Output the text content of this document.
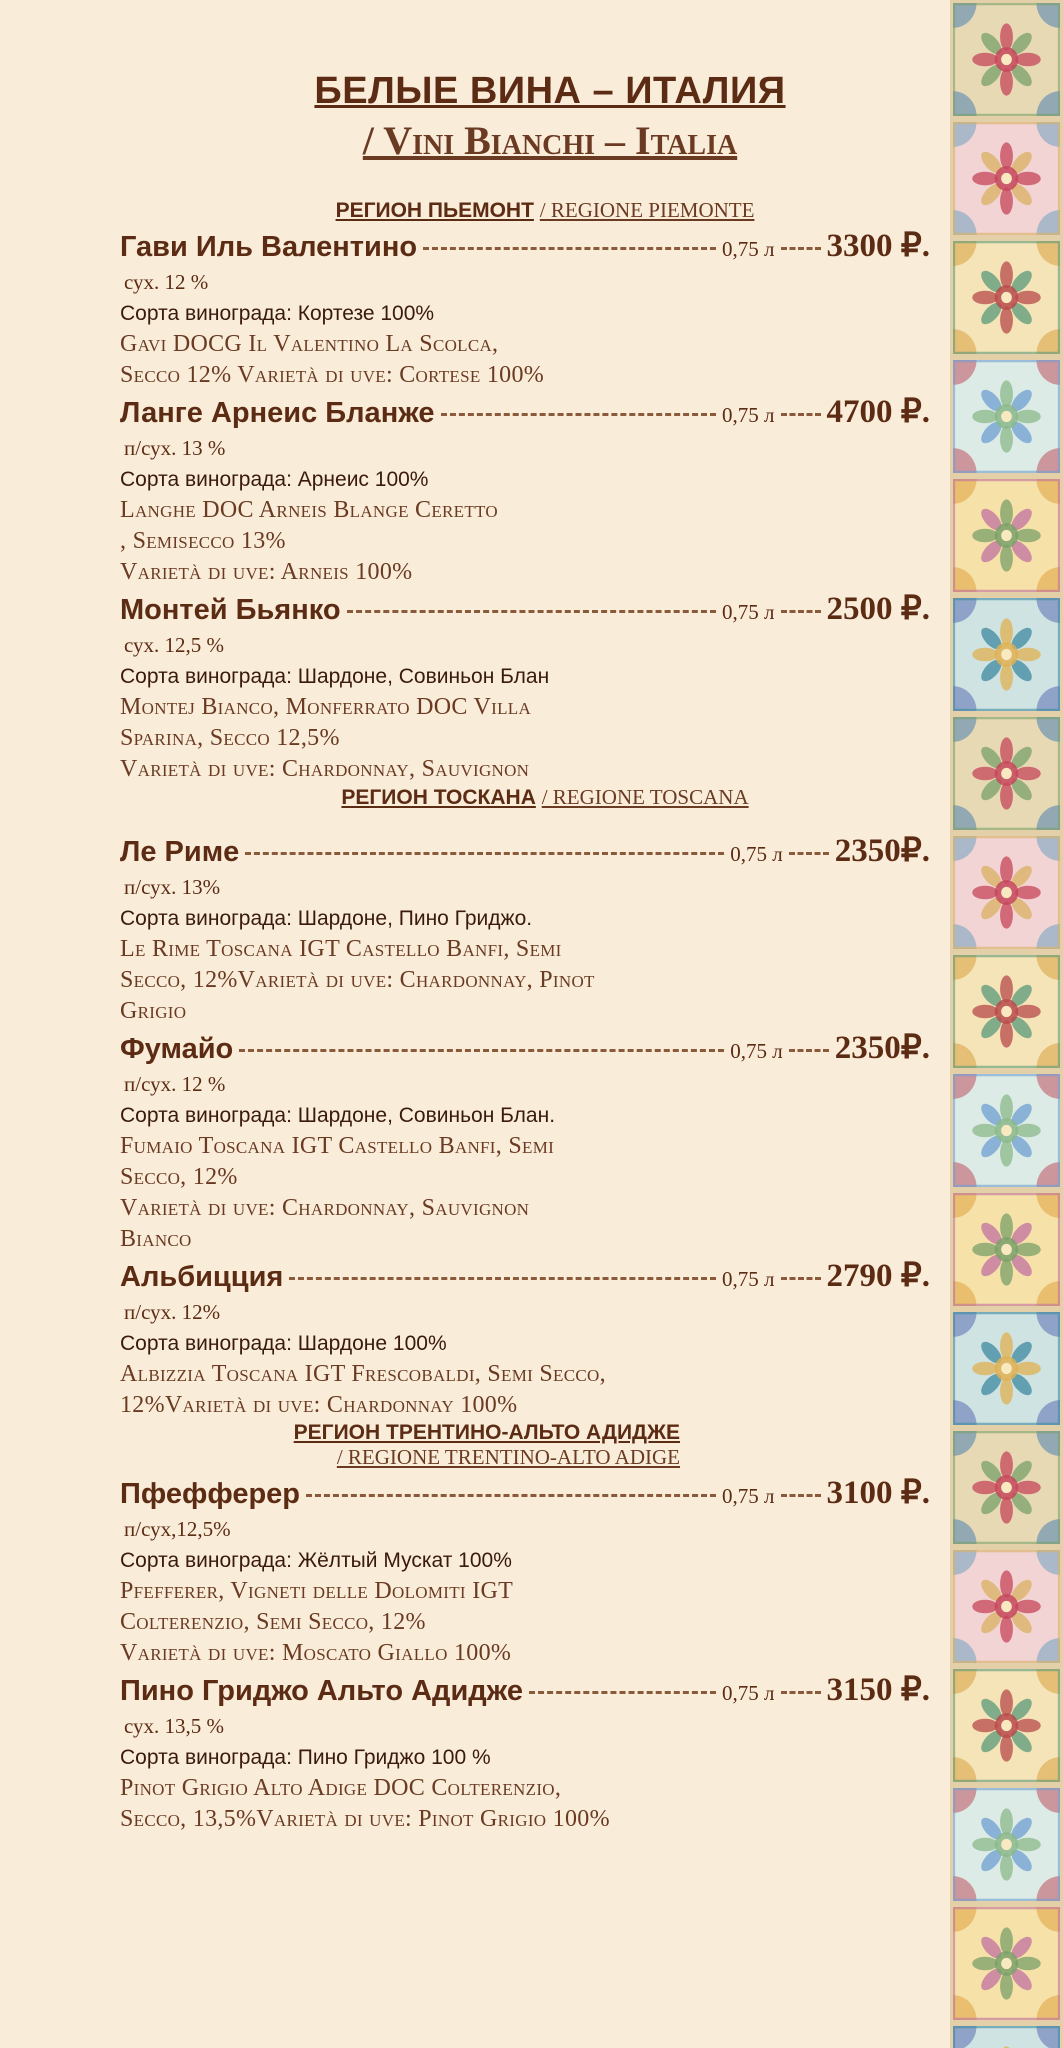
БЕЛЫЕ ВИНА – ИТАЛИЯ
/ Vini Bianchi – Italia

РЕГИОН ПЬЕМОНТ / REGIONE PIEMONTE

Гави Иль Валентино	0,75 л 3300 ₽.

сух. 12 %

Сорта винограда: Кортезе 100%

Gavi DOCG Il Valentino La Scolca,

Secco 12% Varietà di uve: Cortese 100%

Ланге Арнеис Бланже	0,75 л 4700 ₽.

п/сух. 13 %

Сорта винограда: Арнеис 100%

Langhe DOC Arneis Blange Ceretto

, Semisecco 13%

Varietà di uve: Arneis 100%

Монтей Бьянко	0,75 л 2500 ₽.

сух. 12,5 %

Сорта винограда: Шардоне, Совиньон Блан

Montej Bianco, Monferrato DOC Villa

Sparina, Secco 12,5%

Varietà di uve: Chardonnay, Sauvignon

РЕГИОН ТОСКАНА / REGIONE TOSCANA

Ле Риме	0,75 л 2350₽.

п/сух. 13%

Сорта винограда: Шардоне, Пино Гриджо.

Le Rime Toscana IGT Castello Banfi, Semi

Secco, 12%Varietà di uve: Chardonnay, Pinot

Grigio

Фумайо	0,75 л 2350₽.

п/сух. 12 %

Сорта винограда: Шардоне, Совиньон Блан.

Fumaio Toscana IGT Castello Banfi, Semi

Secco, 12%

Varietà di uve: Chardonnay, Sauvignon

Bianco

Альбицция	0,75 л 2790 ₽.

п/сух. 12%

Сорта винограда: Шардоне 100%

Albizzia Toscana IGT Frescobaldi, Semi Secco,

12%Varietà di uve: Chardonnay 100%

РЕГИОН ТРЕНТИНО-АЛЬТО АДИДЖЕ

/ REGIONE TRENTINO-ALTO ADIGE

Пфефферер	0,75 л 3100 ₽.

п/сух,12,5%

Сорта винограда: Жёлтый Мускат 100%

Pfefferer, Vigneti delle Dolomiti IGT

Colterenzio, Semi Secco, 12%

Varietà di uve: Moscato Giallo 100%

Пино Гриджо Альто Адидже	0,75 л 3150 ₽.

сух. 13,5 %

Сорта винограда: Пино Гриджо 100 %

Pinot Grigio Alto Adige DOC Colterenzio,

Secco, 13,5%Varietà di uve: Pinot Grigio 100%
